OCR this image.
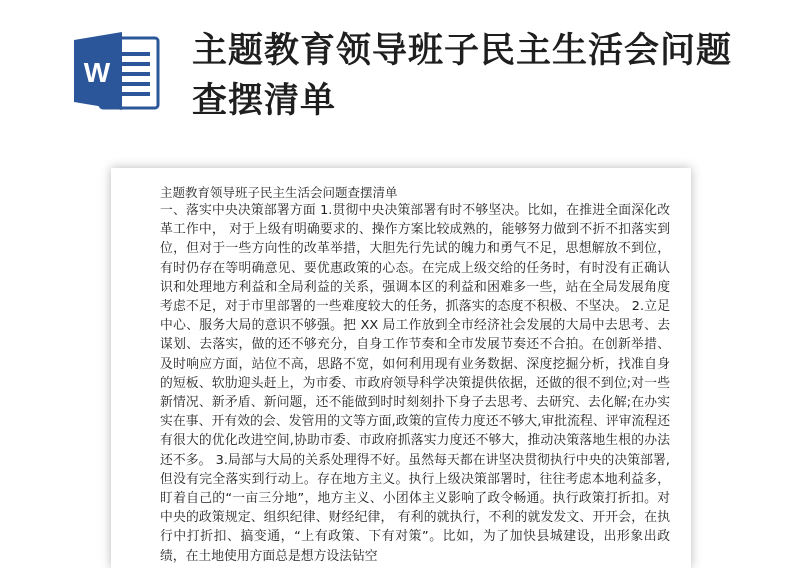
W
主题教育领导班子民主生活会问题查摆清单

主题教育领导班子民主生活会问题查摆清单

一、落实中央决策部署方面 1.贯彻中央决策部署有时不够坚决。比如，在推进全面深化改革工作中， 对于上级有明确要求的、操作方案比较成熟的，能够努力做到不折不扣落实到位，但对于一些方向性的改革举措，大胆先行先试的魄力和勇气不足，思想解放不到位，有时仍存在等明确意见、要优惠政策的心态。在完成上级交给的任务时，有时没有正确认识和处理地方利益和全局利益的关系，强调本区的利益和困难多一些，站在全局发展角度考虑不足，对于市里部署的一些难度较大的任务，抓落实的态度不积极、不坚决。 2.立足中心、服务大局的意识不够强。把 XX 局工作放到全市经济社会发展的大局中去思考、去谋划、去落实，做的还不够充分，自身工作节奏和全市发展节奏还不合拍。在创新举措、及时响应方面，站位不高，思路不宽，如何利用现有业务数据、深度挖掘分析，找准自身的短板、软肋迎头赶上，为市委、市政府领导科学决策提供依据，还做的很不到位;对一些新情况、新矛盾、新问题，还不能做到时时刻刻扑下身子去思考、去研究、去化解;在办实实在事、开有效的会、发管用的文等方面,政策的宣传力度还不够大,审批流程、评审流程还有很大的优化改进空间,协助市委、市政府抓落实力度还不够大，推动决策落地生根的办法还不多。 3.局部与大局的关系处理得不好。虽然每天都在讲坚决贯彻执行中央的决策部署,但没有完全落实到行动上。存在地方主义。执行上级决策部署时，往往考虑本地利益多，盯着自己的“一亩三分地”，地方主义、小团体主义影响了政令畅通。执行政策打折扣。对中央的政策规定、组织纪律、财经纪律， 有利的就执行，不利的就发发文、开开会，在执行中打折扣、搞变通，“上有政策、下有对策”。比如，为了加快县城建设，出形象出政绩，在土地使用方面总是想方设法钻空
